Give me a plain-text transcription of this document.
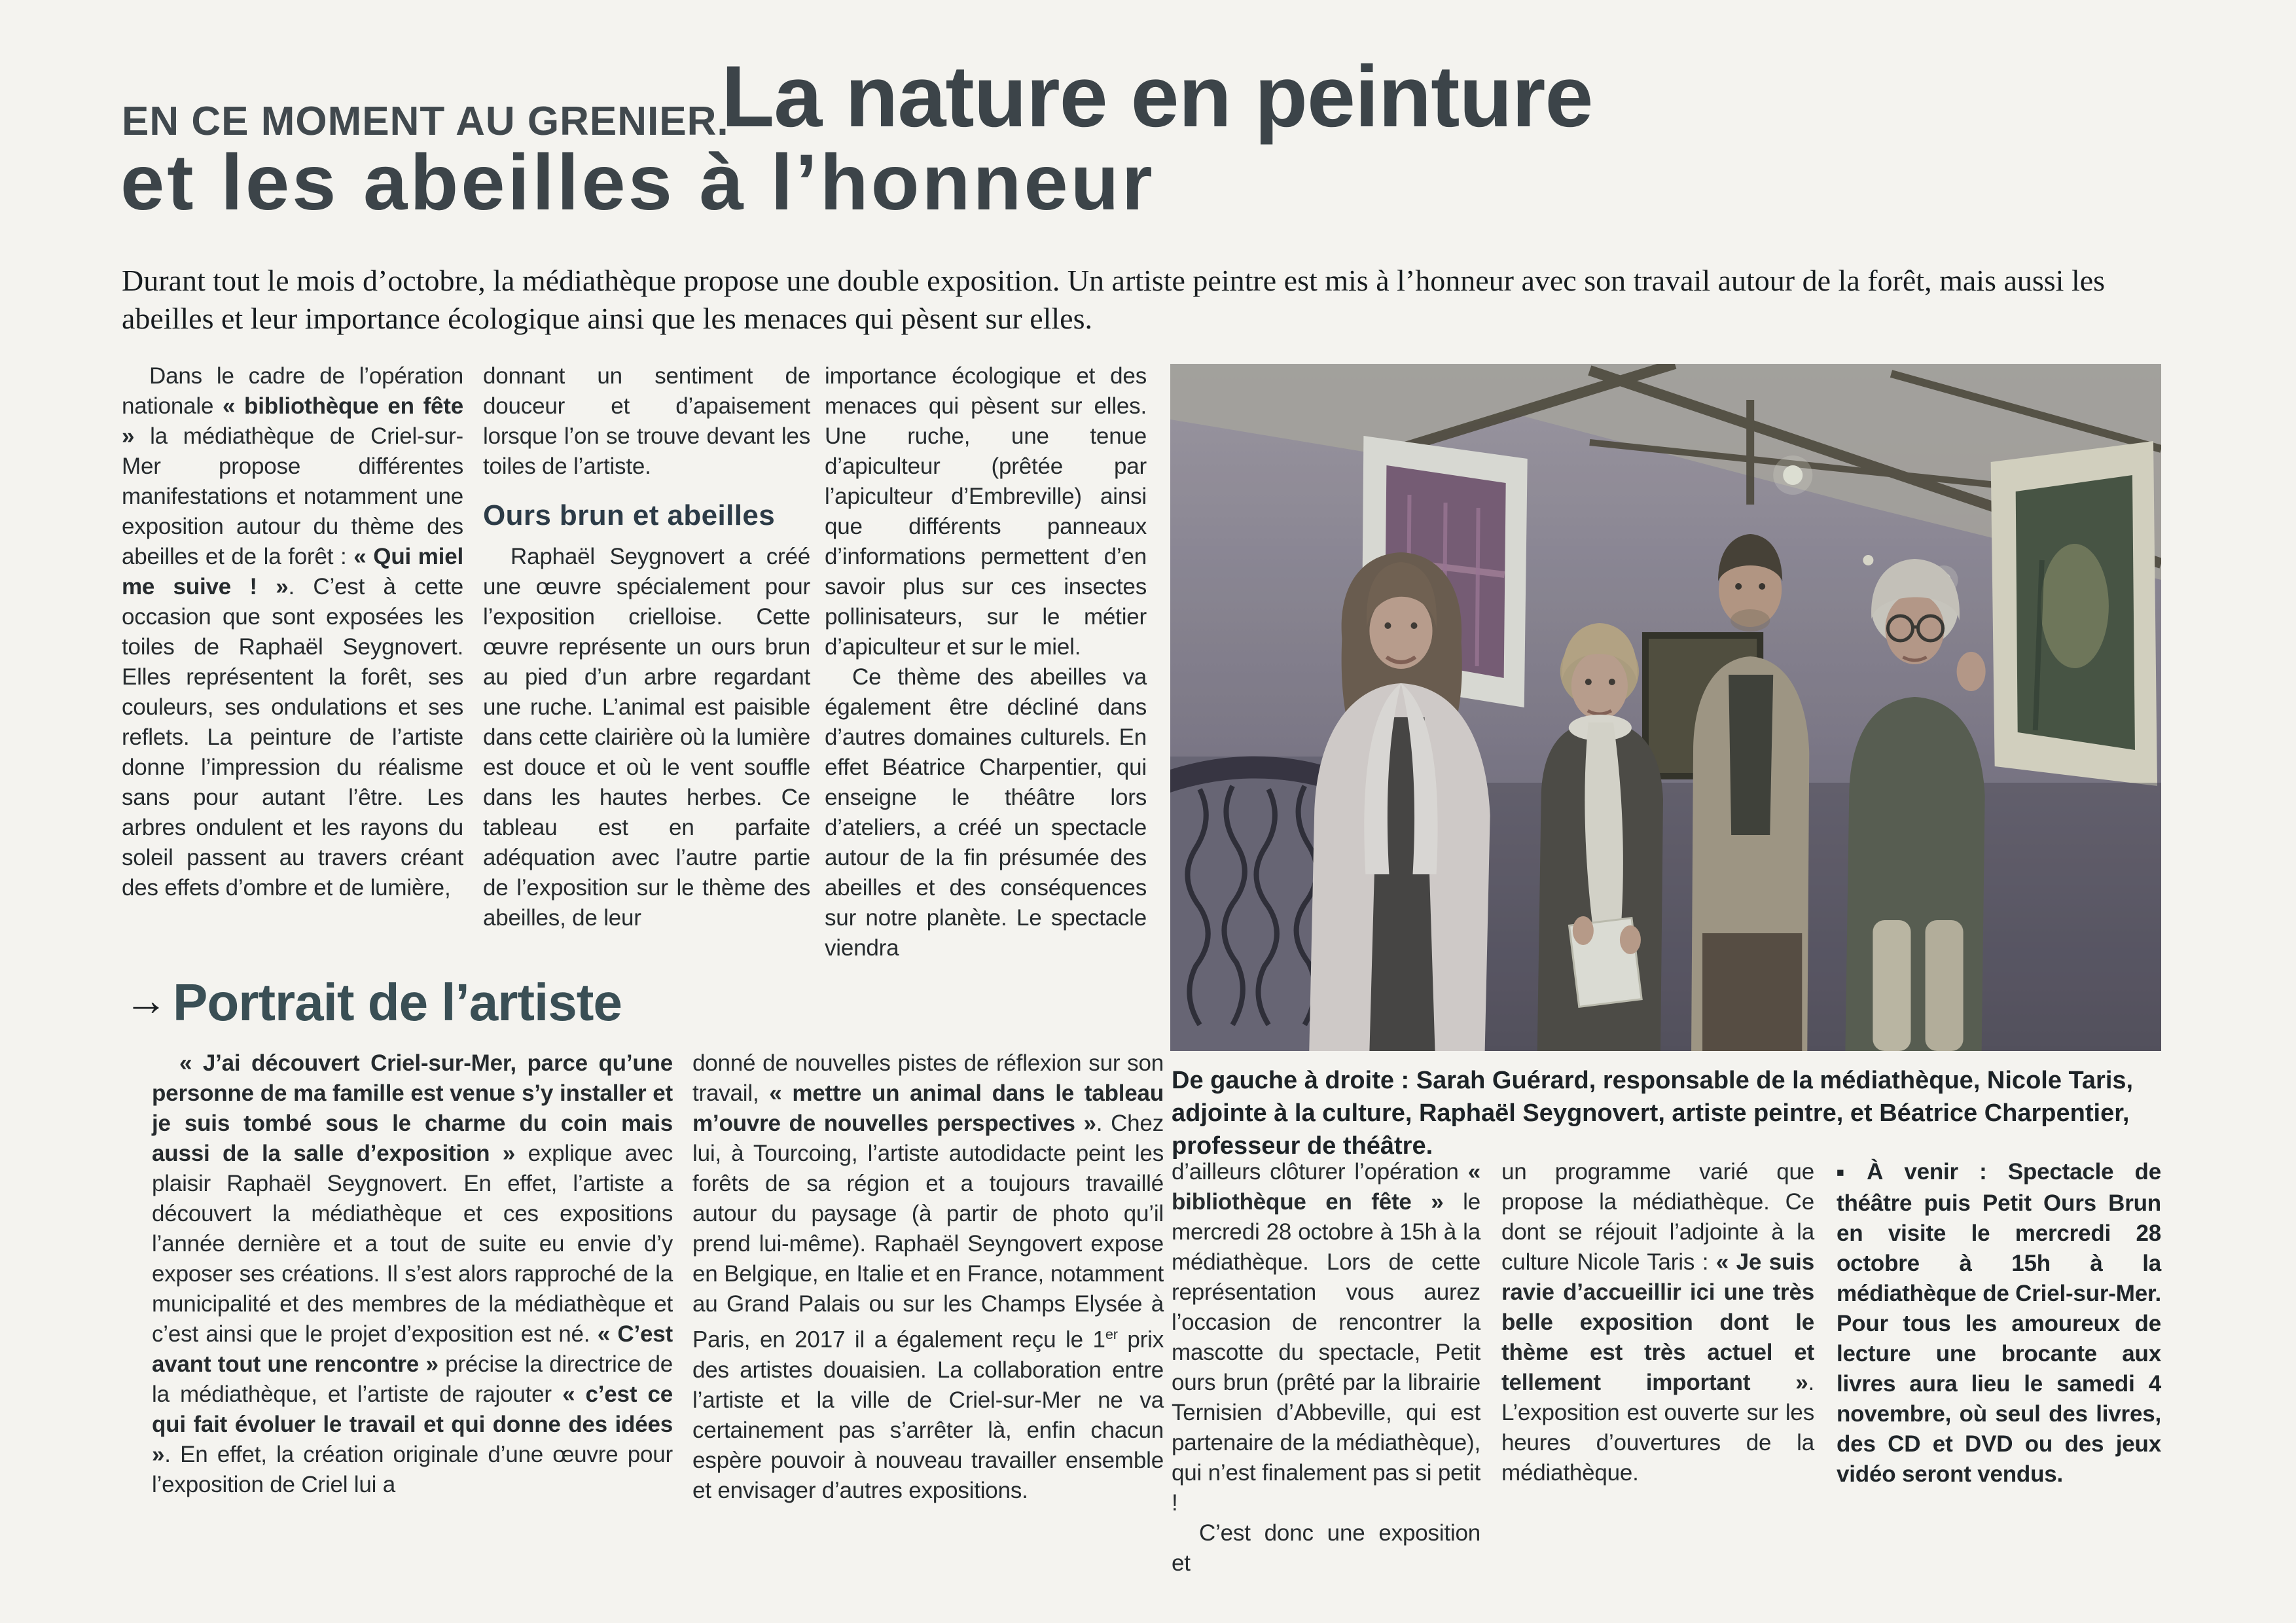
EN CE MOMENT AU GRENIER.
La nature en peinture
et les abeilles à l’honneur

Durant tout le mois d’octobre, la médiathèque propose une double exposition. Un artiste peintre est mis à l’honneur avec son travail autour de la forêt, mais aussi les abeilles et leur importance écologique ainsi que les menaces qui pèsent sur elles.

Dans le cadre de l’opération nationale « bibliothèque en fête » la médiathèque de Criel-sur-Mer propose différentes manifestations et notamment une exposition autour du thème des abeilles et de la forêt : « Qui miel me suive ! ». C’est à cette occasion que sont exposées les toiles de Raphaël Seygnovert. Elles représentent la forêt, ses couleurs, ses ondulations et ses reflets. La peinture de l’artiste donne l’impression du réalisme sans pour autant l’être. Les arbres ondulent et les rayons du soleil passent au travers créant des effets d’ombre et de lumière,

donnant un sentiment de douceur et d’apaisement lorsque l’on se trouve devant les toiles de l’artiste.

Ours brun et abeilles

Raphaël Seygnovert a créé une œuvre spécialement pour l’exposition crielloise. Cette œuvre représente un ours brun au pied d’un arbre regardant une ruche. L’animal est paisible dans cette clairière où la lumière est douce et où le vent souffle dans les hautes herbes. Ce tableau est en parfaite adéquation avec l’autre partie de l’exposition sur le thème des abeilles, de leur

importance écologique et des menaces qui pèsent sur elles. Une ruche, une tenue d’apiculteur (prêtée par l’apiculteur d’Embreville) ainsi que différents panneaux d’informations permettent d’en savoir plus sur ces insectes pollinisateurs, sur le métier d’apiculteur et sur le miel.

Ce thème des abeilles va également être décliné dans d’autres domaines culturels. En effet Béatrice Charpentier, qui enseigne le théâtre lors d’ateliers, a créé un spectacle autour de la fin présumée des abeilles et des conséquences sur notre planète. Le spectacle viendra

De gauche à droite : Sarah Guérard, responsable de la médiathèque, Nicole Taris, adjointe à la culture, Raphaël Seygnovert, artiste peintre, et Béatrice Charpentier, professeur de théâtre.

→ Portrait de l’artiste

« J’ai découvert Criel-sur-Mer, parce qu’une personne de ma famille est venue s’y installer et je suis tombé sous le charme du coin mais aussi de la salle d’exposition » explique avec plaisir Raphaël Seygnovert. En effet, l’artiste a découvert la médiathèque et ces expositions l’année dernière et a tout de suite eu envie d’y exposer ses créations. Il s’est alors rapproché de la municipalité et des membres de la médiathèque et c’est ainsi que le projet d’exposition est né. « C’est avant tout une rencontre » précise la directrice de la médiathèque, et l’artiste de rajouter « c’est ce qui fait évoluer le travail et qui donne des idées ». En effet, la création originale d’une œuvre pour l’exposition de Criel lui a

donné de nouvelles pistes de réflexion sur son travail, « mettre un animal dans le tableau m’ouvre de nouvelles perspectives ». Chez lui, à Tourcoing, l’artiste autodidacte peint les forêts de sa région et a toujours travaillé autour du paysage (à partir de photo qu’il prend lui-même). Raphaël Seyngovert expose en Belgique, en Italie et en France, notamment au Grand Palais ou sur les Champs Elysée à Paris, en 2017 il a également reçu le 1er prix des artistes douaisien. La collaboration entre l’artiste et la ville de Criel-sur-Mer ne va certainement pas s’arrêter là, enfin chacun espère pouvoir à nouveau travailler ensemble et envisager d’autres expositions.

d’ailleurs clôturer l’opération « bibliothèque en fête » le mercredi 28 octobre à 15h à la médiathèque. Lors de cette représentation vous aurez l’occasion de rencontrer la mascotte du spectacle, Petit ours brun (prêté par la librairie Ternisien d’Abbeville, qui est partenaire de la médiathèque), qui n’est finalement pas si petit !

C’est donc une exposition et

un programme varié que propose la médiathèque. Ce dont se réjouit l’adjointe à la culture Nicole Taris : « Je suis ravie d’accueillir ici une très belle exposition dont le thème est très actuel et tellement important ». L’exposition est ouverte sur les heures d’ouvertures de la médiathèque.

■ À venir : Spectacle de théâtre puis Petit Ours Brun en visite le mercredi 28 octobre à 15h à la médiathèque de Criel-sur-Mer. Pour tous les amoureux de lecture une brocante aux livres aura lieu le samedi 4 novembre, où seul des livres, des CD et DVD ou des jeux vidéo seront vendus.
